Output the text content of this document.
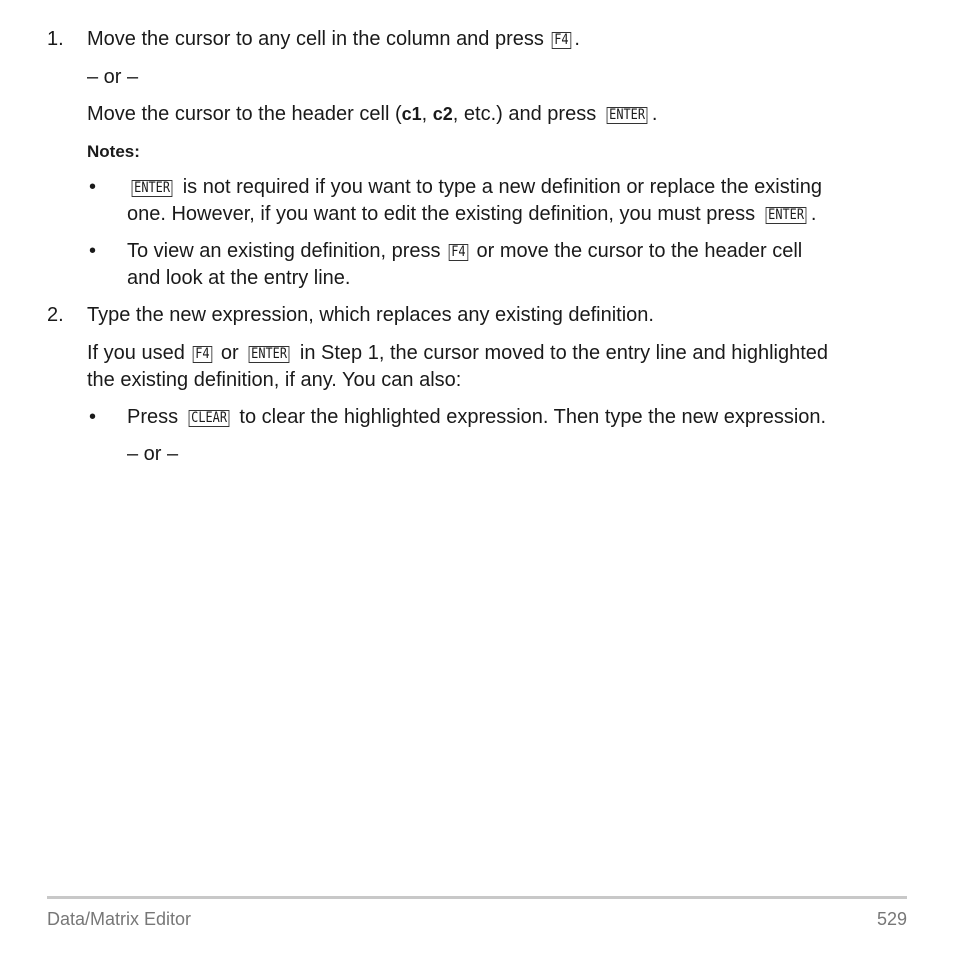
1. Move the cursor to any cell in the column and press F4 .
– or –
Move the cursor to the header cell (c1, c2, etc.) and press ENTER .
Notes:
•	ENTER is not required if you want to type a new definition or replace the existing
one. However, if you want to edit the existing definition, you must press ENTER .
• To view an existing definition, press F4 or move the cursor to the header cell
and look at the entry line.
2. Type the new expression, which replaces any existing definition.
If you used F4 or ENTER in Step 1, the cursor moved to the entry line and highlighted
the existing definition, if any. You can also:
• Press CLEAR to clear the highlighted expression. Then type the new expression.
– or –
Data/Matrix Editor	529
